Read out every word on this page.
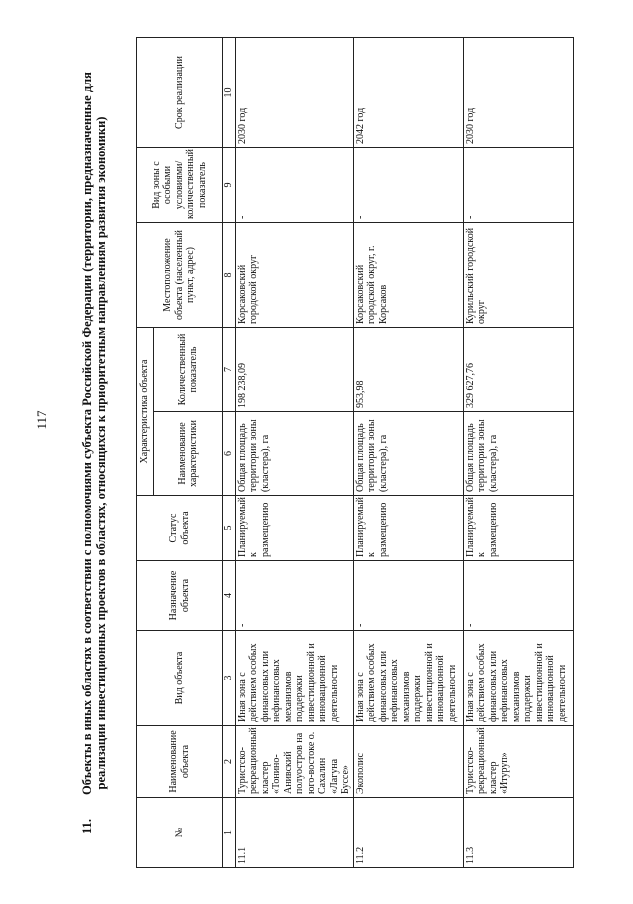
117
11.Объекты в иных областях в соответствии с полномочиями субъекта Российской Федерации (территории, предназначенные для реализации инвестиционных проектов в областях, относящихся к приоритетным направлениям развития экономики)
№	Наименование объекта	Вид объекта	Назначение объекта	Статус объекта	Характеристика объекта		Местоположение объекта (населенный пункт, адрес)	Вид зоны с особыми условиями/ количественный показатель	Срок реализации
					Наименование характеристики	Количественный показатель			
1	2	3	4	5	6	7	8	9	10
11.1	Туристско-рекреационный кластер «Тонино-Анивский полуостров на юго-востоке о. Сахалин «Лагуна Буссе»	Иная зона с действием особых финансовых или нефинансовых механизмов поддержки инвестиционной и инновационной деятельности	-	Планируемый к размещению	Общая площадь территории зоны (кластера), га	198 238,09	Корсаковский городской округ	-	2030 год
11.2	Экополис	Иная зона с действием особых финансовых или нефинансовых механизмов поддержки инвестиционной и инновационной деятельности	-	Планируемый к размещению	Общая площадь территории зоны (кластера), га	953,98	Корсаковский городской округ, г. Корсаков	-	2042 год
11.3	Туристско-рекреационный кластер «Итуруп»	Иная зона с действием особых финансовых или нефинансовых механизмов поддержки инвестиционной и инновационной деятельности	-	Планируемый к размещению	Общая площадь территории зоны (кластера), га	329 627,76	Курильский городской округ	-	2030 год
